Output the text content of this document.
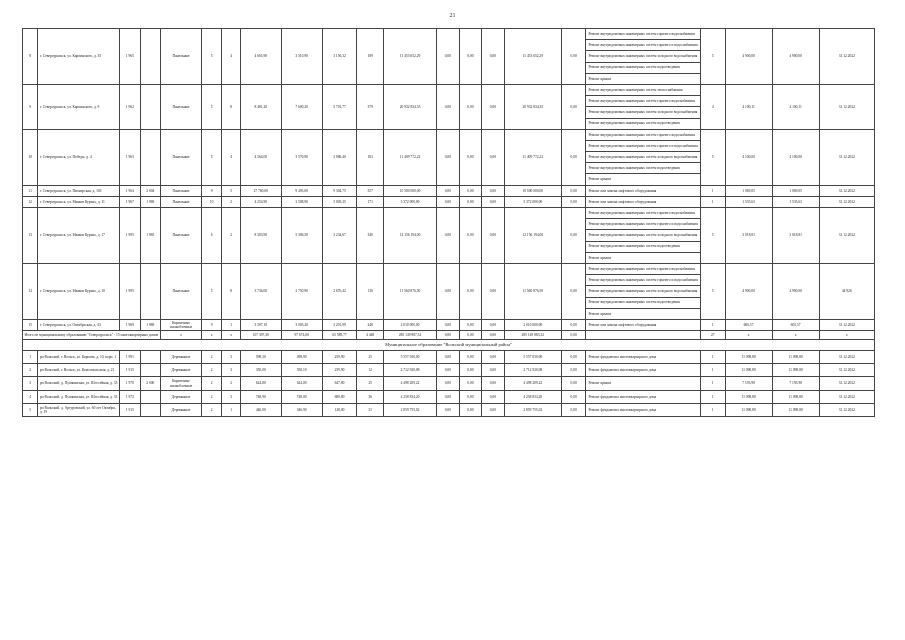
21
8	г. Североуральск, ул. Карпинского, д. 35	1 965		Панельные	5	4	4 665,90	3 510,90	3 156,32	189	11 453 652,29	0,00	0,00	0,00	11 453 652,29	0,00	Ремонт внутридомовых инженерных систем горячего водоснабжения	5	4 900,00	4 900,00	31.12.2022
																	Ремонт внутридомовых инженерных систем горячего и водоснабжения				
																	Ремонт внутридомовых инженерных систем холодного водоснабжения				
																	Ремонт внутридомовых инженерных систем водоотведения				
																	Ремонт крыши				
9	г. Североуральск, ул. Карпинского, д. 9	1 962		Панельные	5	8	8 481,20	7 600,20	5 701,77	379	20 932 834,35	0,00	0,00	0,00	20 932 834,35	0,00	Ремонт внутридомовых инженерных систем теплоснабжения	4	4 100,11	4 100,11	31.12.2022
																	Ремонт внутридомовых инженерных систем горячего водоснабжения				
																	Ремонт внутридомовых инженерных систем холодного водоснабжения				
																	Ремонт внутридомовых инженерных систем водоотведения				
10	г. Североуральск, ул. Победы, д. 4	1 963		Панельные	5	4	4 564,00	3 570,90	3 086,40	183	11 409 772,22	0,00	0,00	0,00	11 409 772,22	0,00	Ремонт внутридомовых инженерных систем горячего водоснабжения	5	4 100,00	4 100,00	31.12.2022
																	Ремонт внутридомовых инженерных систем горячего и водоснабжения				
																	Ремонт внутридомовых инженерных систем холодного водоснабжения				
																	Ремонт внутридомовых инженерных систем водоотведения				
																	Ремонт крыши				
11	г. Североуральск, ул. Пионерская, д. 103	1 964	2 004	Панельные	9	5	27 760,00	9 493,00	9 304,75	357	10 500 000,00	0,00	0,00	0,00	10 500 000,00	0,00	Ремонт или замена лифтового оборудования	1	1 069,05	1 069,05	31.12.2022
12	г. Североуральск, ул. Маяков Курьих, д. 11	1 967	1 969	Панельные	10	2	4 254,90	3 508,90	3 005,35	171	5 372 000,00	0,00	0,00	0,00	5 372 000,00	0,00	Ремонт или замена лифтового оборудования	1	1 535,63	1 535,63	31.12.2022
13	г. Североуральск, ул. Маяков Курьих, д. 17	1 995	1 965	Панельные	6	2	8 303,90	5 306,50	3 234,67	340	12 156 194,00	0,00	0,00	0,00	12 156 194,00	0,00	Ремонт внутридомовых инженерных систем горячего водоснабжения	5	3 018,81	3 018,81	31.12.2022
																	Ремонт внутридомовых инженерных систем горячего и водоснабжения				
																	Ремонт внутридомовых инженерных систем холодного водоснабжения				
																	Ремонт внутридомовых инженерных систем водоотведения				
																	Ремонт крыши				
14	г. Североуральск, ул. Маяков Курьих, д. 10	1 995		Панельные	5	8	3 736,00	2 750,90	2 670,42	136	11 560 876,50	0,00	0,00	0,00	11 560 876,50	0,00	Ремонт внутридомовых инженерных систем горячего водоснабжения	5	4 900,00	4 900,00	44 926
																	Ремонт внутридомовых инженерных систем горячего и водоснабжения				
																	Ремонт внутридомовых инженерных систем холодного водоснабжения				
																	Ремонт внутридомовых инженерных систем водоотведения				
																	Ремонт крыши				
15	г. Североуральск, ул. Октябрьская, д. 43	1 969	1 969	Кирпичные шлакоблочные	9	1	3 307,10	3 003,20	3 291,99	248	2 010 000,00	0,00	0,00	0,00	2 010 000,00	0,00	Ремонт или замена лифтового оборудования	1	606,57	605,57	31.12.2022
Итого по муниципальному образованию "Североуральск" - 15 многоквартирных домов				x	x	x	107 397,30	97 674,00	65 589,77	4 448	285 149 887,32	0,00	0,00	0,00	285 149 883,32	0,00		27	x	x	x
Муниципальное образование "Вольский муниципальный район"																					
1	рп Вольский, г. Вольск, ул. Карпова, д. 10, корп. 1	1 991		Деревянные	2	3	598,30	498,90	259,90	25	5 557 030,00	0,00	0,00	0,00	5 557 030,00	0,00	Ремонт фундамента многоквартирного дома	1	11 098,80	11 098,80	31.12.2022
2	рп Вольский, г. Вольск, ул. Комсомольская, д. 21	1 915		Деревянные	2	3	350,00	350,10	259,90	12	2 712 920,08	0,00	0,00	0,00	2 712 920,08	0,00	Ремонт фундамента многоквартирного дома	1	11 098,80	11 098,80	31.12.2022
3	рп Вольский, д. Пушкинская, ул. Шоссейная, д. 33	1 970	2 000	Кирпичные шлакоблочные	2	2	624,80	624,00	647,80	25	4 498 209,22	0,00	0,00	0,00	4 498 209,22	0,00	Ремонт крыши	1	7 193,98	7 193,98	31.12.2022
4	рп Вольский, д. Пушкинская, ул. Шоссейная, д. 33	1 973		Деревянные	2	3	748,90	748,00	680,80	36	4 258 834,20	0,00	0,00	0,00	4 258 834,20	0,00	Ремонт фундамента многоквартирного дома	1	11 098,80	11 098,80	31.12.2022
5	рп Вольский, д. Артуровский, ул. 60 лет Октября, д. 19	1 915		Деревянные	2	1	446,00	346,90	128,00	31	2 859 755,02	0,00	0,00	0,00	2 859 755,02	0,00	Ремонт фундамента многоквартирного дома	1	11 098,80	11 098,80	31.12.2022
